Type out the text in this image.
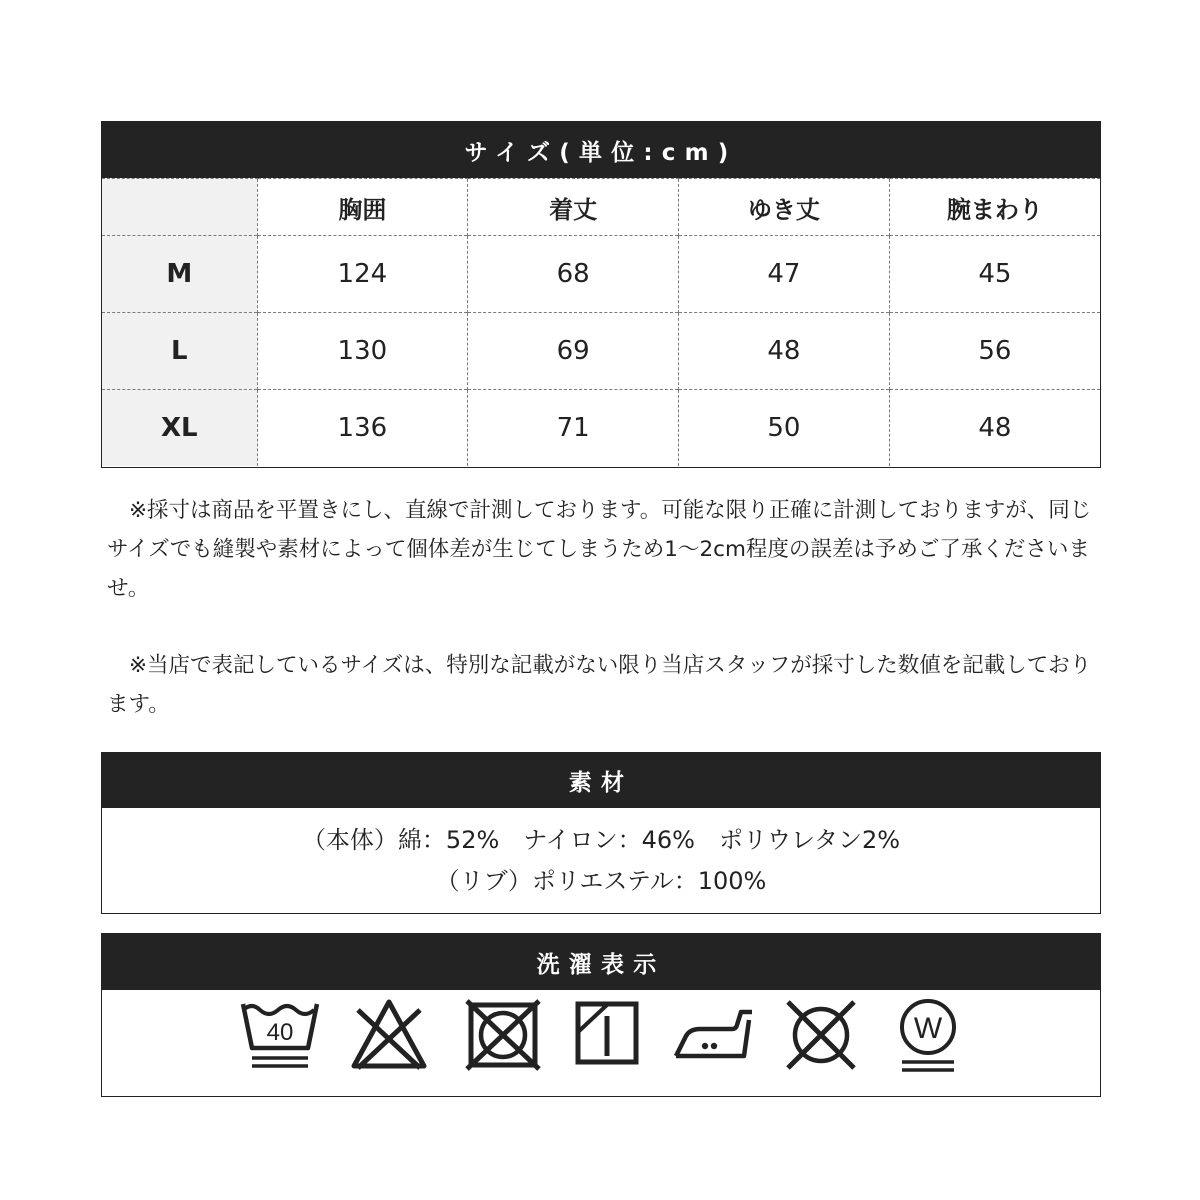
サイズ(単位:cm)
	胸囲	着丈	ゆき丈	腕まわり
M	124	68	47	45
L	130	69	48	56
XL	136	71	50	48

※採寸は商品を平置きにし、直線で計測しております。可能な限り正確に計測しておりますが、同じサイズでも縫製や素材によって個体差が生じてしまうため1～2cm程度の誤差は予めご了承くださいませ。

※当店で表記しているサイズは、特別な記載がない限り当店スタッフが採寸した数値を記載しております。

素材
（本体）綿：52%　ナイロン：46%　ポリウレタン2%
（リブ）ポリエステル：100%
洗濯表示
40	W
